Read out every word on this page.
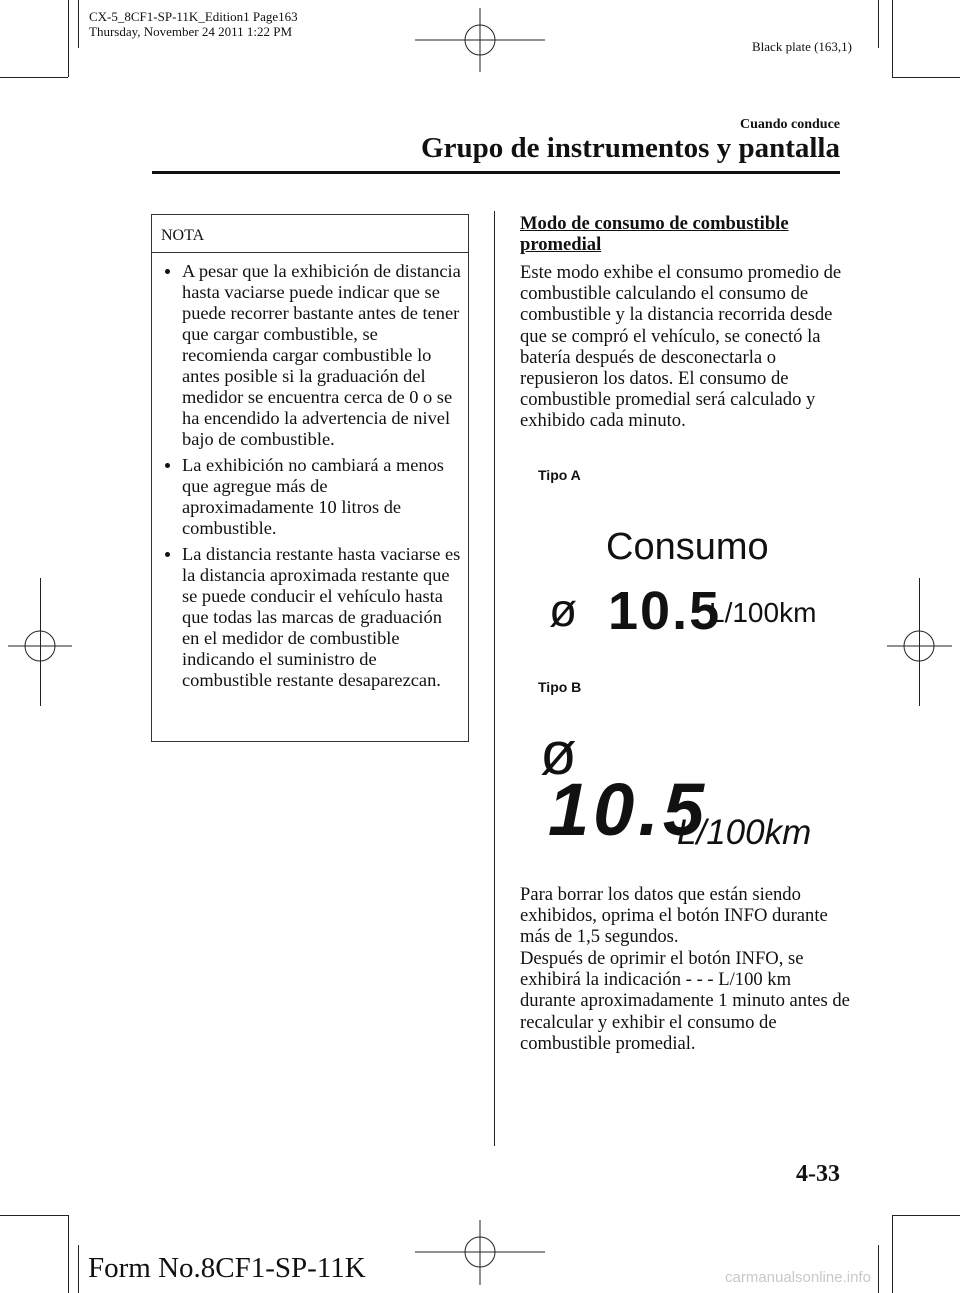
CX-5_8CF1-SP-11K_Edition1 Page163
Thursday, November 24 2011 1:22 PM
Black plate (163,1)
Cuando conduce
Grupo de instrumentos y pantalla
NOTA
A pesar que la exhibición de distancia hasta vaciarse puede indicar que se puede recorrer bastante antes de tener que cargar combustible, se recomienda cargar combustible lo antes posible si la graduación del medidor se encuentra cerca de 0 o se ha encendido la advertencia de nivel bajo de combustible.
La exhibición no cambiará a menos que agregue más de aproximadamente 10 litros de combustible.
La distancia restante hasta vaciarse es la distancia aproximada restante que se puede conducir el vehículo hasta que todas las marcas de graduación en el medidor de combustible indicando el suministro de combustible restante desaparezcan.
Modo de consumo de combustible promedial
Este modo exhibe el consumo promedio de combustible calculando el consumo de combustible y la distancia recorrida desde que se compró el vehículo, se conectó la batería después de desconectarla o repusieron los datos. El consumo de combustible promedial será calculado y exhibido cada minuto.
Tipo A
Consumo
ø 10.5
L/100km
Tipo B
ø
10.5
L/100km
Para borrar los datos que están siendo exhibidos, oprima el botón INFO durante más de 1,5 segundos.
Después de oprimir el botón INFO, se exhibirá la indicación - - - L/100 km durante aproximadamente 1 minuto antes de recalcular y exhibir el consumo de combustible promedial.
4-33
Form No.8CF1-SP-11K	carmanualsonline.info
